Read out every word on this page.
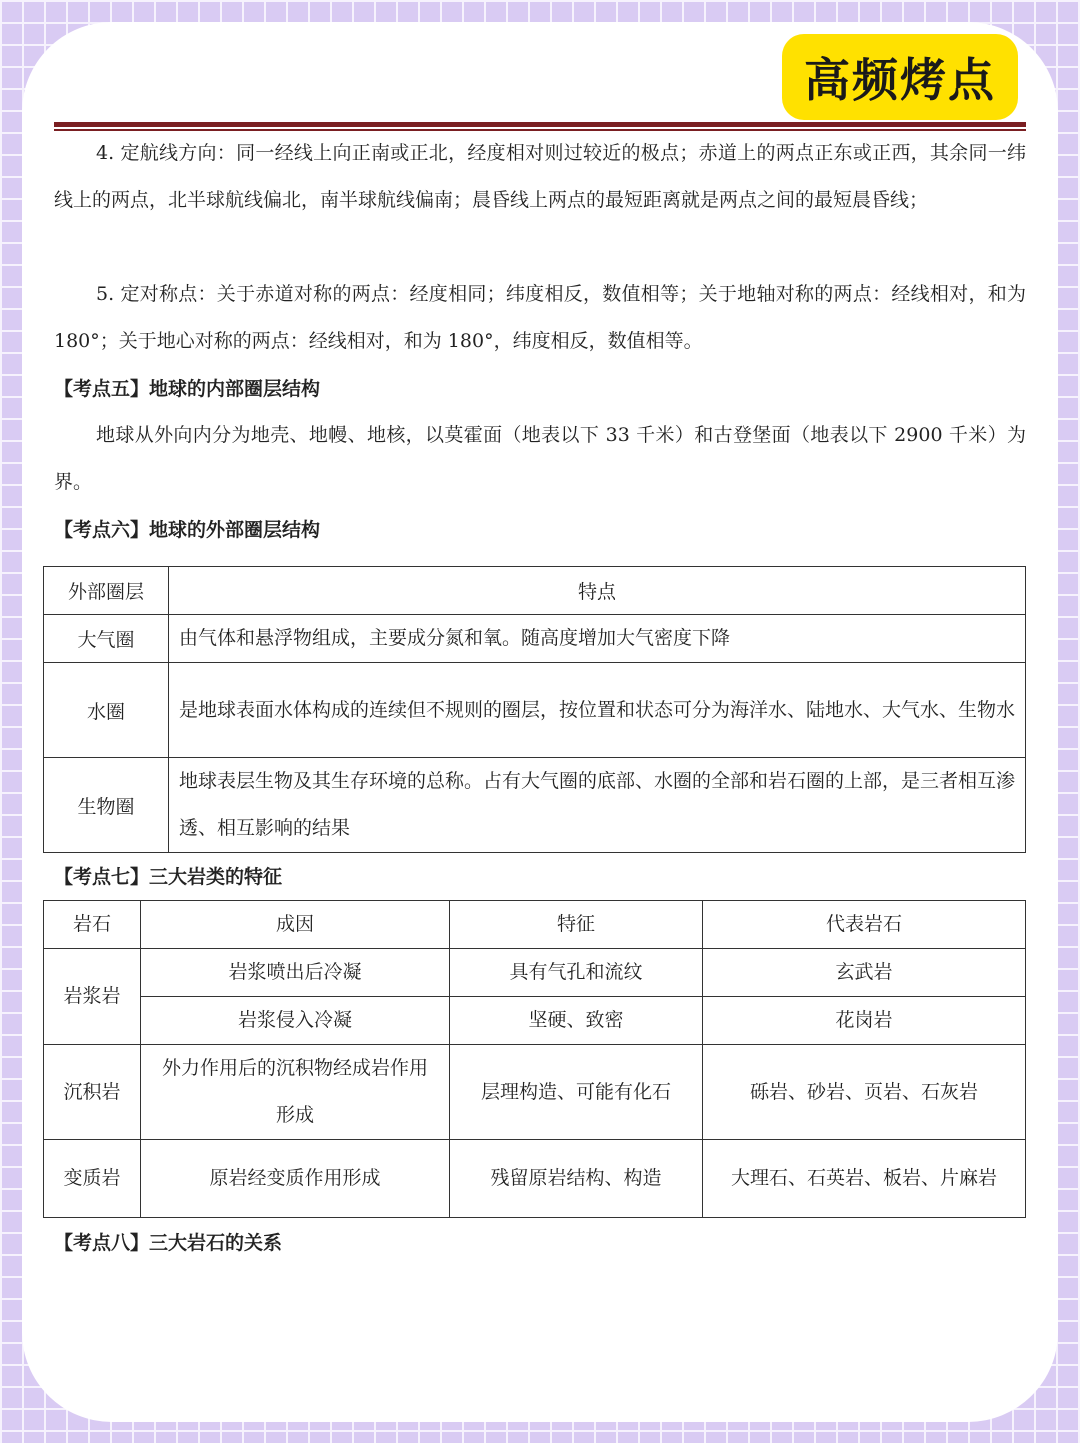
高频烤点

4. 定航线方向：同一经线上向正南或正北，经度相对则过较近的极点；赤道上的两点正东或正西，其余同一纬线上的两点，北半球航线偏北，南半球航线偏南；晨昏线上两点的最短距离就是两点之间的最短晨昏线；

5. 定对称点：关于赤道对称的两点：经度相同；纬度相反，数值相等；关于地轴对称的两点：经线相对，和为 180°；关于地心对称的两点：经线相对，和为 180°，纬度相反，数值相等。

【考点五】地球的内部圈层结构

地球从外向内分为地壳、地幔、地核，以莫霍面（地表以下 33 千米）和古登堡面（地表以下 2900 千米）为界。

【考点六】地球的外部圈层结构
外部圈层	特点
大气圈	由气体和悬浮物组成，主要成分氮和氧。随高度增加大气密度下降
水圈	是地球表面水体构成的连续但不规则的圈层，按位置和状态可分为海洋水、陆地水、大气水、生物水
生物圈	地球表层生物及其生存环境的总称。占有大气圈的底部、水圈的全部和岩石圈的上部，是三者相互渗透、相互影响的结果
【考点七】三大岩类的特征
岩石	成因	特征	代表岩石
岩浆岩	岩浆喷出后冷凝	具有气孔和流纹	玄武岩
	岩浆侵入冷凝	坚硬、致密	花岗岩
沉积岩	外力作用后的沉积物经成岩作用形成	层理构造、可能有化石	砾岩、砂岩、页岩、石灰岩
变质岩	原岩经变质作用形成	残留原岩结构、构造	大理石、石英岩、板岩、片麻岩
【考点八】三大岩石的关系
